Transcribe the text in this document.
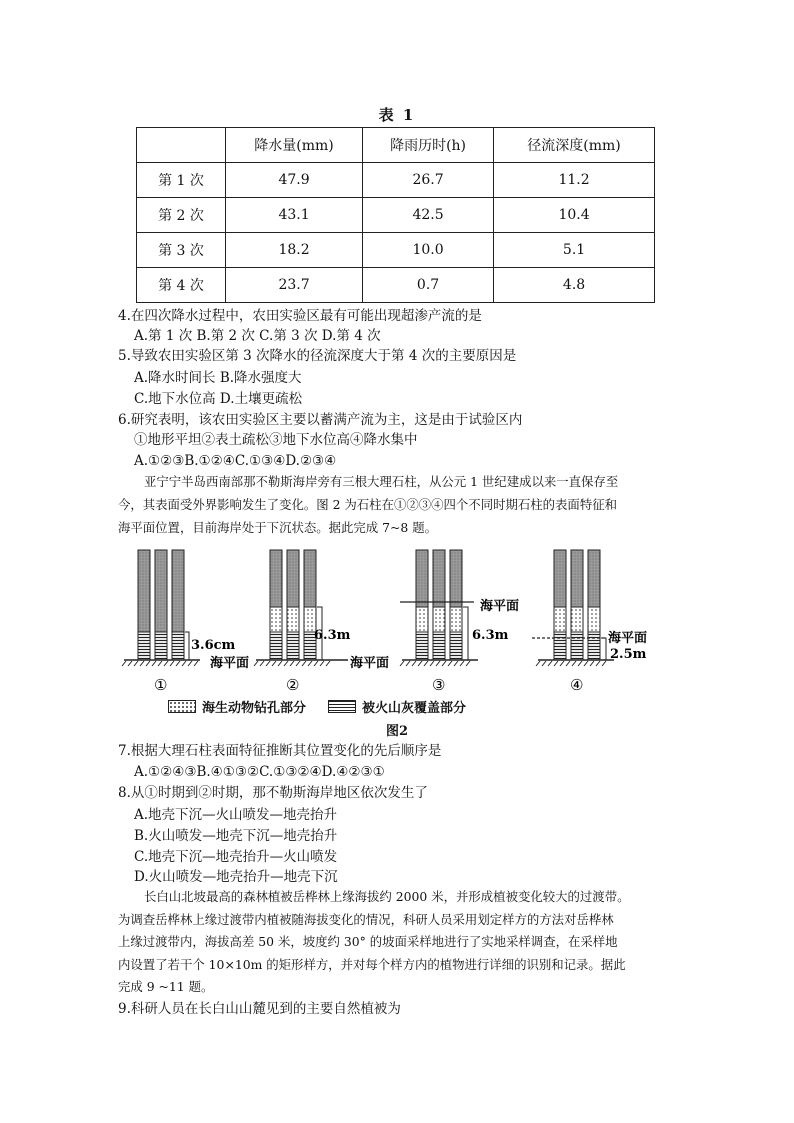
表 1
	降水量(mm)	降雨历时(h)	径流深度(mm)
第 1 次	47.9	26.7	11.2
第 2 次	43.1	42.5	10.4
第 3 次	18.2	10.0	5.1
第 4 次	23.7	0.7	4.8
4.在四次降水过程中，农田实验区最有可能出现超渗产流的是
A.第 1 次 B.第 2 次 C.第 3 次 D.第 4 次
5.导致农田实验区第 3 次降水的径流深度大于第 4 次的主要原因是
A.降水时间长 B.降水强度大
C.地下水位高 D.土壤更疏松
6.研究表明，该农田实验区主要以蓄满产流为主，这是由于试验区内
①地形平坦②表土疏松③地下水位高④降水集中
A.①②③B.①②④C.①③④D.②③④

亚宁宁半岛西南部那不勒斯海岸旁有三根大理石柱，从公元 1 世纪建成以来一直保存至

今，其表面受外界影响发生了变化。图 2 为石柱在①②③④四个不同时期石柱的表面特征和

海平面位置，目前海岸处于下沉状态。据此完成 7~8 题。

3.6cm
海平面
①
6.3m
海平面
②
海平面
6.3m
③
海平面
2.5m
④
海生动物钻孔部分	被火山灰覆盖部分
图2
7.根据大理石柱表面特征推断其位置变化的先后顺序是
A.①②④③B.④①③②C.①③②④D.④②③①
8.从①时期到②时期，那不勒斯海岸地区依次发生了
A.地壳下沉—火山喷发—地壳抬升
B.火山喷发—地壳下沉—地壳抬升
C.地壳下沉—地壳抬升—火山喷发
D.火山喷发—地壳抬升—地壳下沉

长白山北坡最高的森林植被岳桦林上缘海拔约 2000 米，并形成植被变化较大的过渡带。

为调查岳桦林上缘过渡带内植被随海拔变化的情况，科研人员采用划定样方的方法对岳桦林

上缘过渡带内，海拔高差 50 米，坡度约 30° 的坡面采样地进行了实地采样调查，在采样地

内设置了若干个 10×10m 的矩形样方，并对每个样方内的植物进行详细的识别和记录。据此

完成 9 ~11 题。

9.科研人员在长白山山麓见到的主要自然植被为
